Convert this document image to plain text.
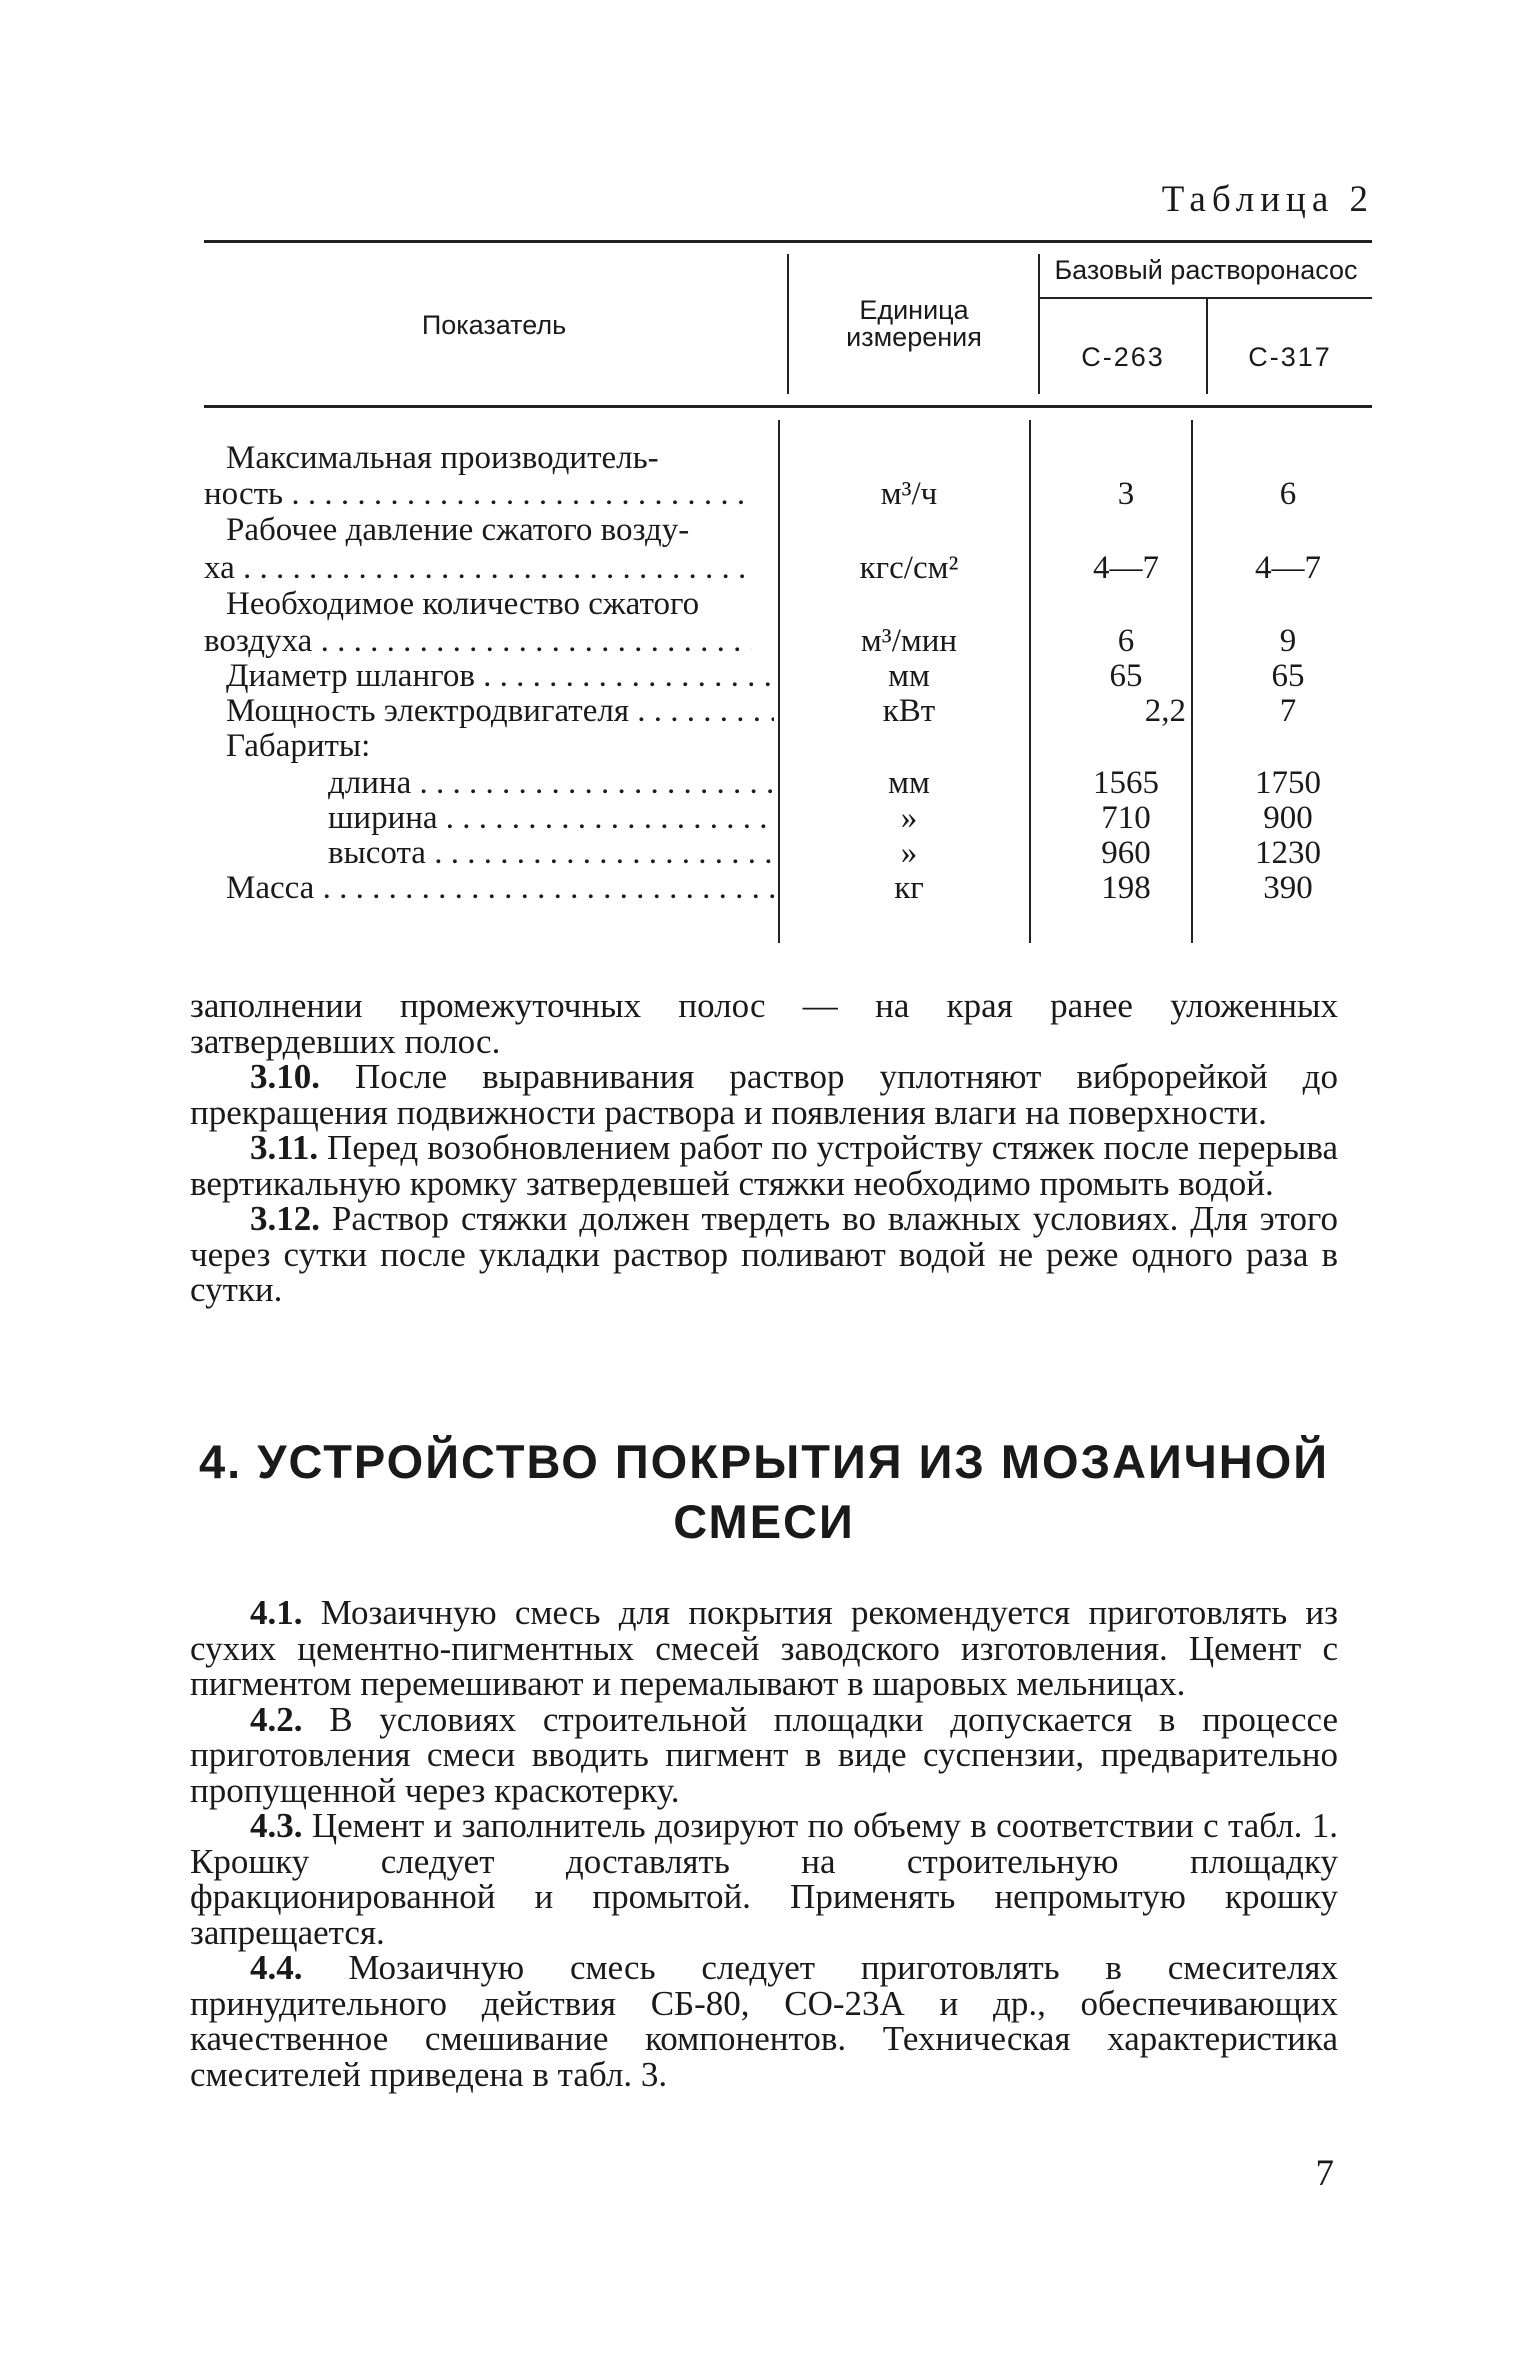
Таблица 2
Показатель	Единица
измерения
Базовый растворонасос
С-263	С-317
Максимальная производитель-
ность . . .	м³/ч	3	6
Рабочее давление сжатого возду-
ха . . .	кгс/см²	4—7	4—7
Необходимое количество сжатого
воздуха . . .	м³/мин	6	9
Диаметр шлангов . . .	мм	65	65
Мощность электродвигателя . . .	кВт	2,2	7
Габариты:
длина . . .	мм	1565	1750
ширина . . .	»	710	900
высота . . .	»	960	1230
Масса . . .	кг	198	390

заполнении промежуточных полос — на края ранее уложенных затвердевших полос.

3.10. После выравнивания раствор уплотняют виброрейкой до прекращения подвижности раствора и появления влаги на поверхности.

3.11. Перед возобновлением работ по устройству стяжек после перерыва вертикальную кромку затвердевшей стяжки необходимо промыть водой.

3.12. Раствор стяжки должен твердеть во влажных условиях. Для этого через сутки после укладки раствор поливают водой не реже одного раза в сутки.

4. УСТРОЙСТВО ПОКРЫТИЯ ИЗ МОЗАИЧНОЙ
СМЕСИ

4.1. Мозаичную смесь для покрытия рекомендуется приготовлять из сухих цементно-пигментных смесей заводского изготовления. Цемент с пигментом перемешивают и перемалывают в шаровых мельницах.

4.2. В условиях строительной площадки допускается в процессе приготовления смеси вводить пигмент в виде суспензии, предварительно пропущенной через краскотерку.

4.3. Цемент и заполнитель дозируют по объему в соответствии с табл. 1. Крошку следует доставлять на строительную площадку фракционированной и промытой. Применять непромытую крошку запрещается.

4.4. Мозаичную смесь следует приготовлять в смесителях принудительного действия СБ-80, СО-23А и др., обеспечивающих качественное смешивание компонентов. Техническая характеристика смесителей приведена в табл. 3.

7
